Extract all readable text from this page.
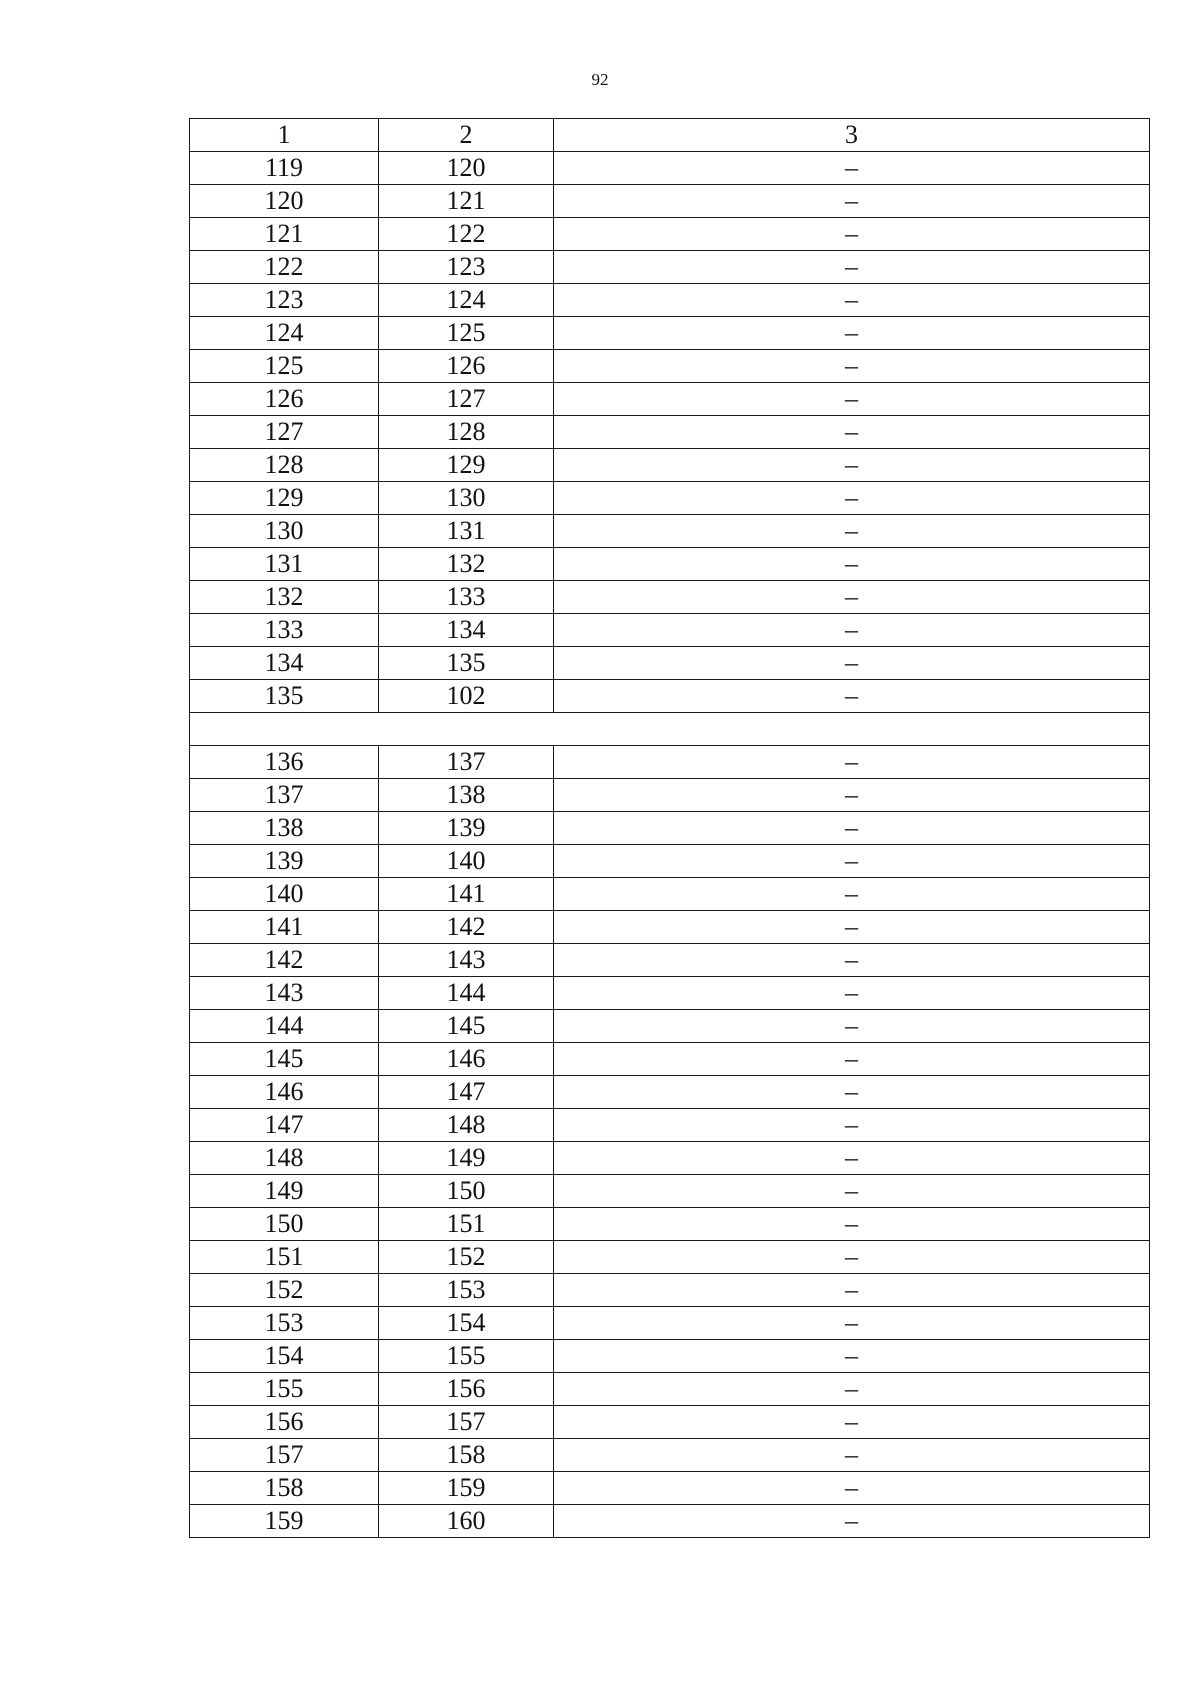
92
1	2	3
119	120	–
120	121	–
121	122	–
122	123	–
123	124	–
124	125	–
125	126	–
126	127	–
127	128	–
128	129	–
129	130	–
130	131	–
131	132	–
132	133	–
133	134	–
134	135	–
135	102	–

136	137	–
137	138	–
138	139	–
139	140	–
140	141	–
141	142	–
142	143	–
143	144	–
144	145	–
145	146	–
146	147	–
147	148	–
148	149	–
149	150	–
150	151	–
151	152	–
152	153	–
153	154	–
154	155	–
155	156	–
156	157	–
157	158	–
158	159	–
159	160	–
